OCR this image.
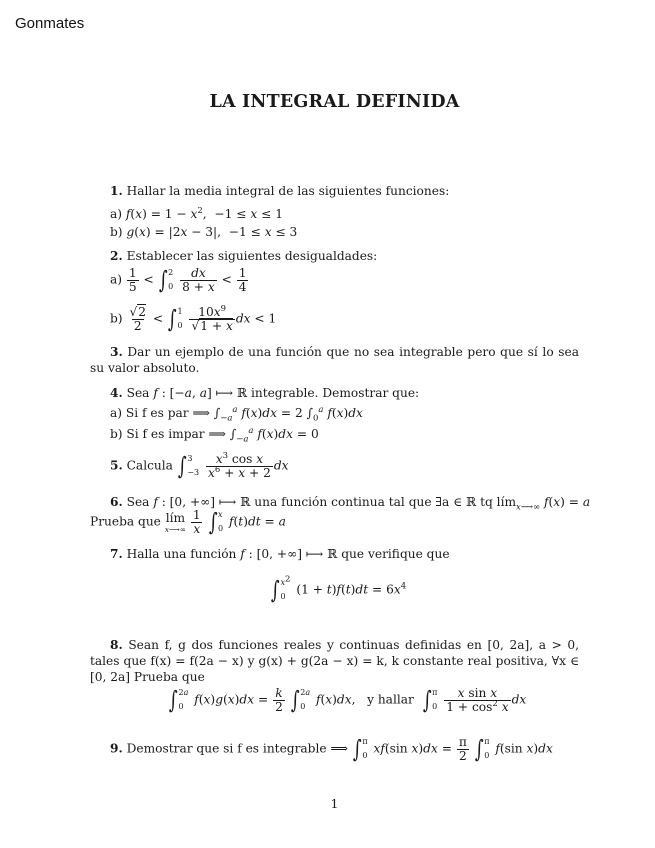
Gonmates
LA INTEGRAL DEFINIDA
1. Hallar la media integral de las siguientes funciones:
a) $f(x) = 1 - x^2$,  −1 ≤ x ≤ 1
b) g(x) = |2x − 3|,  −1 ≤ x ≤ 3
2. Establecer las siguientes desigualdades:
$a) \frac{1}{5}$ < ∫ 2
0
$\frac{dx}{8 + x} < \frac{1}{4}$
$b) \frac{√2}{2}$ < ∫ 1
0
$\frac{10x^9}{√1 + x}$ dx < 1
3. Dar un ejemplo de una función que no sea integrable pero que sí lo sea su valor absoluto.
4. Sea f : [−a, a] ⟼ ℝ integrable. Demostrar que:
a) Si f es par ⟹ $\int_{-a}^a$ f(x)dx = 2 $\int_0^a$ f(x)dx
b) Si f es impar ⟹ $\int_{-a}^a$ f(x)dx = 0
5. Calcula ∫ 3
−3
$\frac{x^3 \cos x}{x^6 + x + 2}$ dx
6. Sea f : [0, +∞] ⟼ ℝ una función continua tal que ∃a ∈ ℝ tq lím$_{x⟶\infty}$ f(x) = a
Prueba que lím
x⟶∞
$\frac{1}{x}$ ∫ x
0 f(t)dt = a
7. Halla una función f : [0, +∞] ⟼ ℝ que verifique que
∫ $x^2$
0 $(1 + t)f(t)dt = 6x^4$
8. Sean f, g dos funciones reales y continuas definidas en [0, 2a], a > 0, tales que f(x) = f(2a − x) y g(x) + g(2a − x) = k, k constante real positiva, ∀x ∈ [0, 2a] Prueba que
∫ 2a
0 $f(x)g(x)dx = \frac{k}{2}$ ∫ 2a
0 f(x)dx,   y hallar ∫ π
0
$\frac{\text{x sin x}}{1 + \cos^2 x}$ dx
9. Demostrar que si f es integrable ⟹ ∫ π
0 xf(sin $x)dx = \frac{\pi}{2}$ ∫ π
0 f(sin x)dx
1
